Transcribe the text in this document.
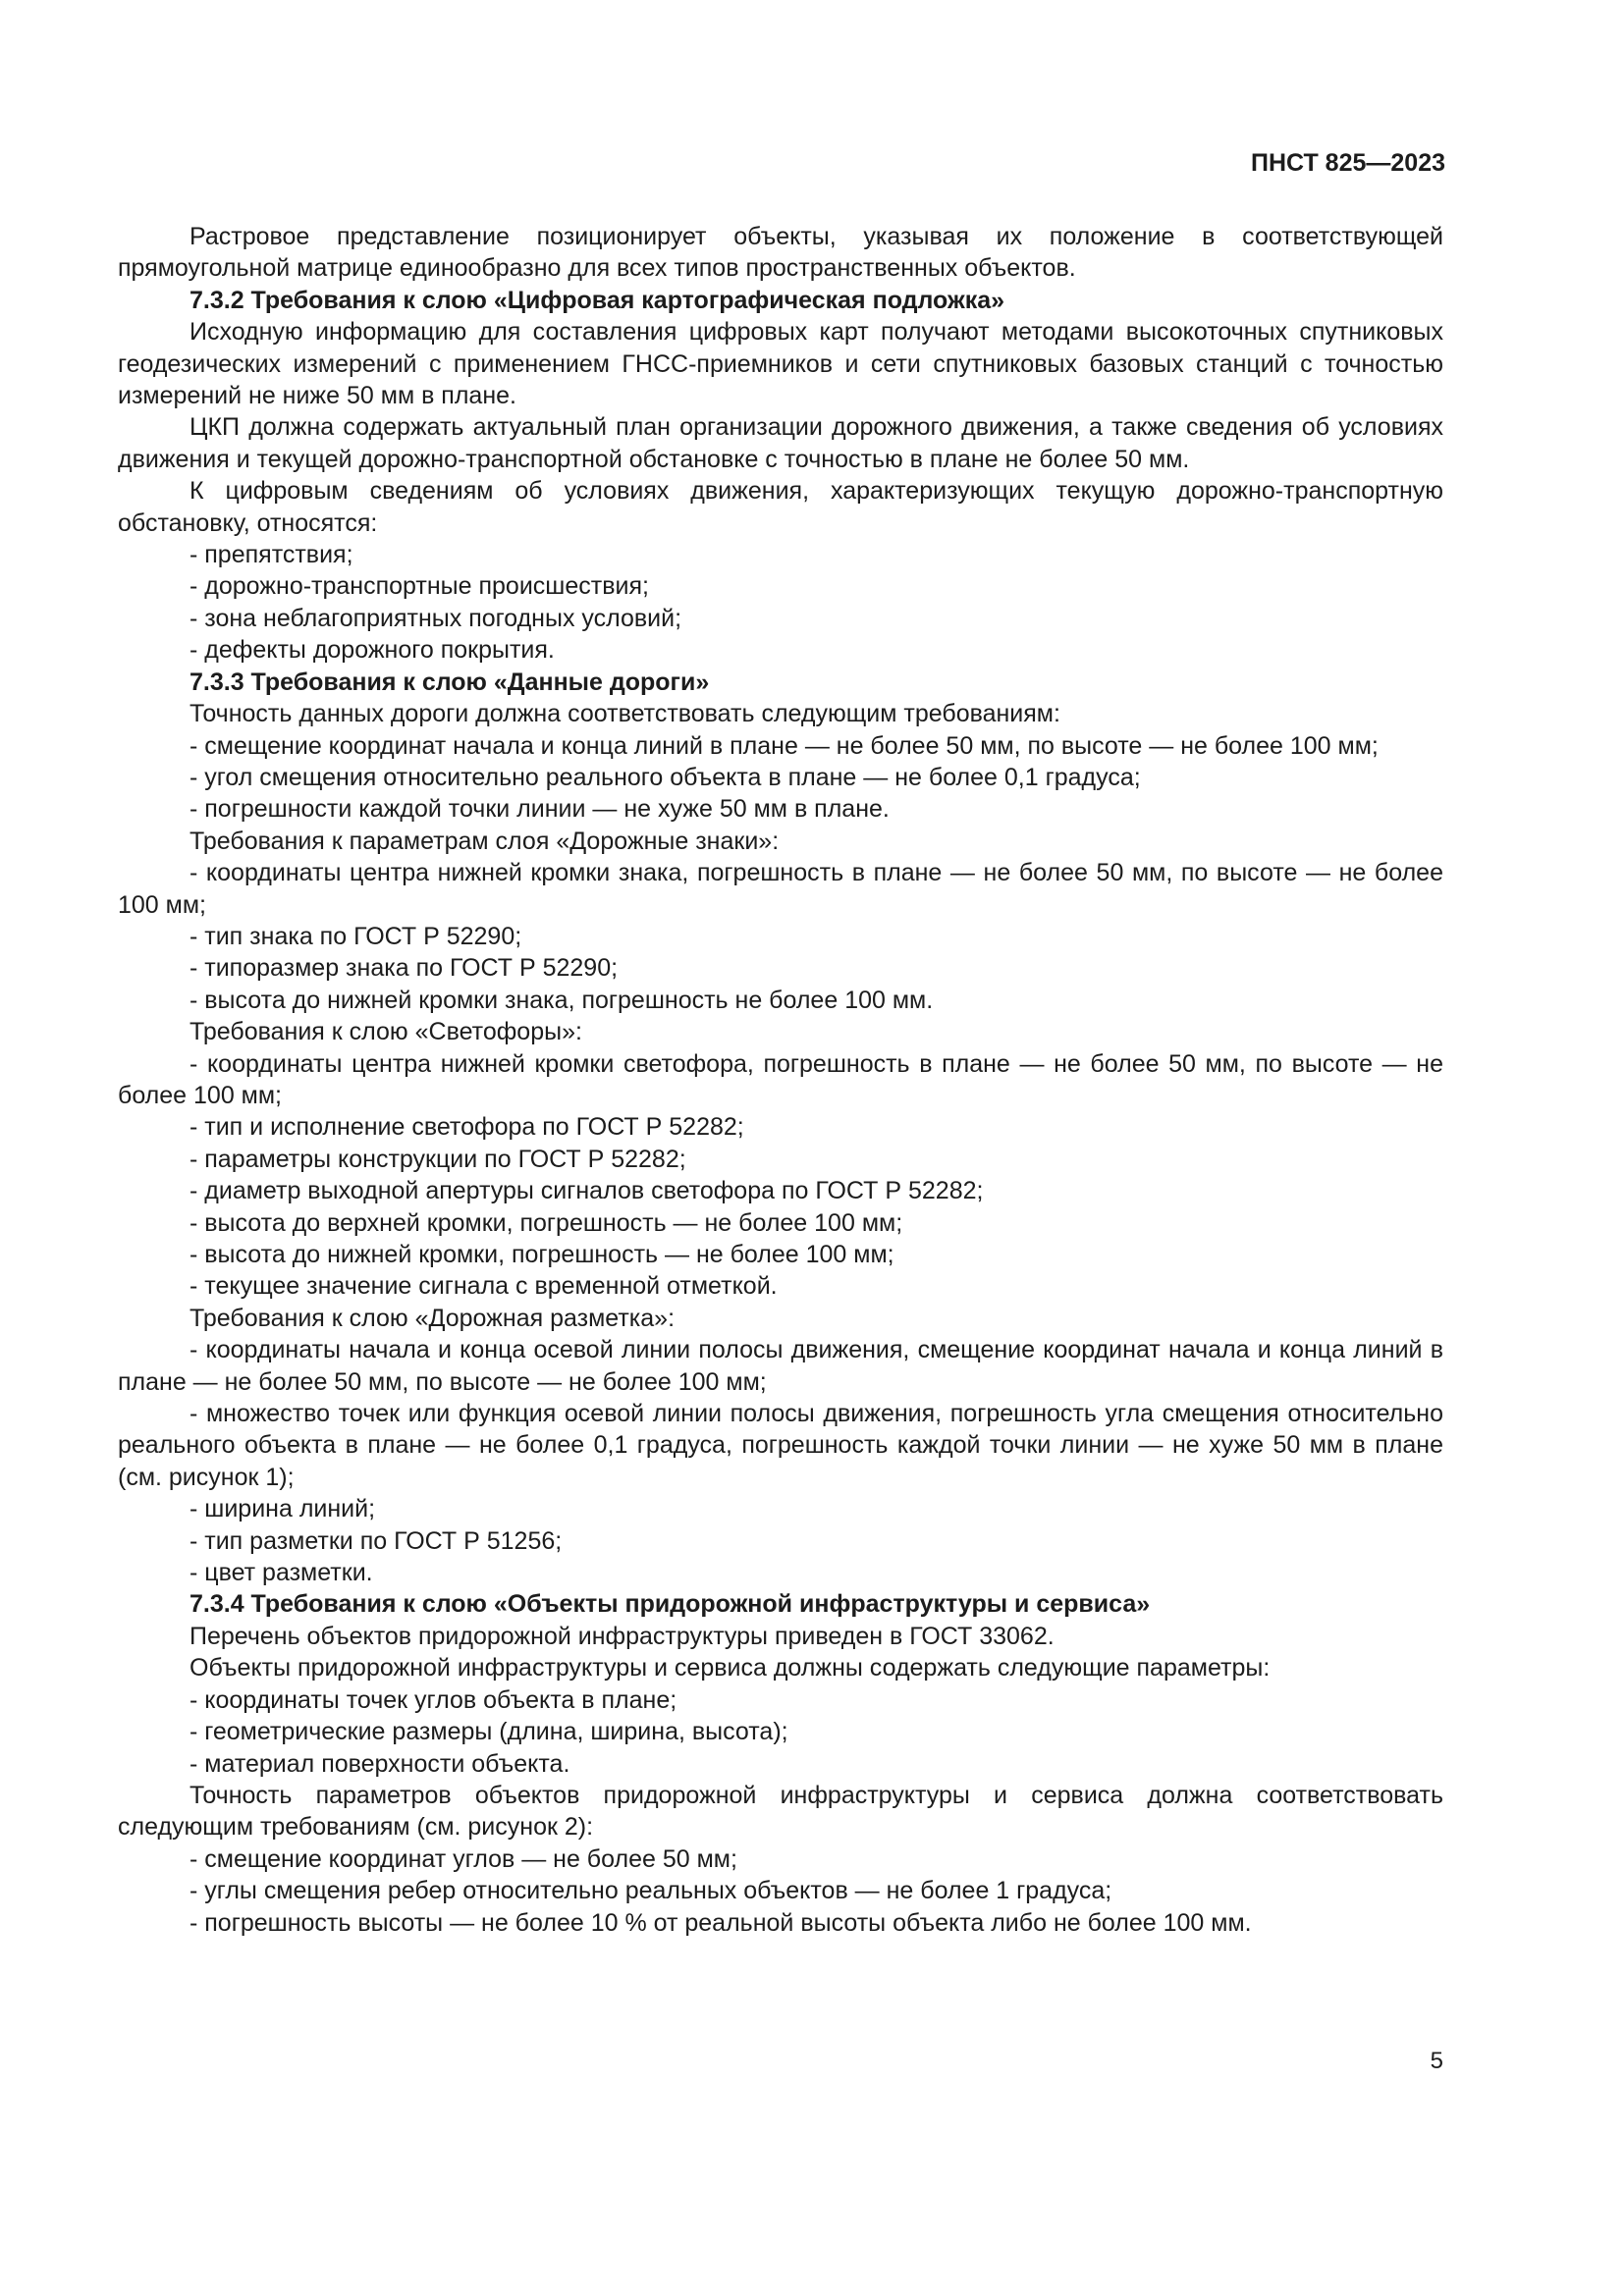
ПНСТ 825—2023

Растровое представление позиционирует объекты, указывая их положение в соответствующей прямоугольной матрице единообразно для всех типов пространственных объектов.

7.3.2 Требования к слою «Цифровая картографическая подложка»

Исходную информацию для составления цифровых карт получают методами высокоточных спутниковых геодезических измерений с применением ГНСС-приемников и сети спутниковых базовых станций с точностью измерений не ниже 50 мм в плане.

ЦКП должна содержать актуальный план организации дорожного движения, а также сведения об условиях движения и текущей дорожно-транспортной обстановке с точностью в плане не более 50 мм.

К цифровым сведениям об условиях движения, характеризующих текущую дорожно-транспортную обстановку, относятся:

- препятствия;
- дорожно-транспортные происшествия;
- зона неблагоприятных погодных условий;
- дефекты дорожного покрытия.
7.3.3 Требования к слою «Данные дороги»

Точность данных дороги должна соответствовать следующим требованиям:

- смещение координат начала и конца линий в плане — не более 50 мм, по высоте — не более 100 мм;
- угол смещения относительно реального объекта в плане — не более 0,1 градуса;
- погрешности каждой точки линии — не хуже 50 мм в плане.

Требования к параметрам слоя «Дорожные знаки»:

- координаты центра нижней кромки знака, погрешность в плане — не более 50 мм, по высоте — не более 100 мм;
- тип знака по ГОСТ Р 52290;
- типоразмер знака по ГОСТ Р 52290;
- высота до нижней кромки знака, погрешность не более 100 мм.

Требования к слою «Светофоры»:

- координаты центра нижней кромки светофора, погрешность в плане — не более 50 мм, по высоте — не более 100 мм;
- тип и исполнение светофора по ГОСТ Р 52282;
- параметры конструкции по ГОСТ Р 52282;
- диаметр выходной апертуры сигналов светофора по ГОСТ Р 52282;
- высота до верхней кромки, погрешность — не более 100 мм;
- высота до нижней кромки, погрешность — не более 100 мм;
- текущее значение сигнала с временной отметкой.

Требования к слою «Дорожная разметка»:

- координаты начала и конца осевой линии полосы движения, смещение координат начала и конца линий в плане — не более 50 мм, по высоте — не более 100 мм;
- множество точек или функция осевой линии полосы движения, погрешность угла смещения относительно реального объекта в плане — не более 0,1 градуса, погрешность каждой точки линии — не хуже 50 мм в плане (см. рисунок 1);
- ширина линий;
- тип разметки по ГОСТ Р 51256;
- цвет разметки.
7.3.4 Требования к слою «Объекты придорожной инфраструктуры и сервиса»

Перечень объектов придорожной инфраструктуры приведен в ГОСТ 33062.

Объекты придорожной инфраструктуры и сервиса должны содержать следующие параметры:

- координаты точек углов объекта в плане;
- геометрические размеры (длина, ширина, высота);
- материал поверхности объекта.

Точность параметров объектов придорожной инфраструктуры и сервиса должна соответствовать следующим требованиям (см. рисунок 2):

- смещение координат углов — не более 50 мм;
- углы смещения ребер относительно реальных объектов — не более 1 градуса;
- погрешность высоты — не более 10 % от реальной высоты объекта либо не более 100 мм.
5
